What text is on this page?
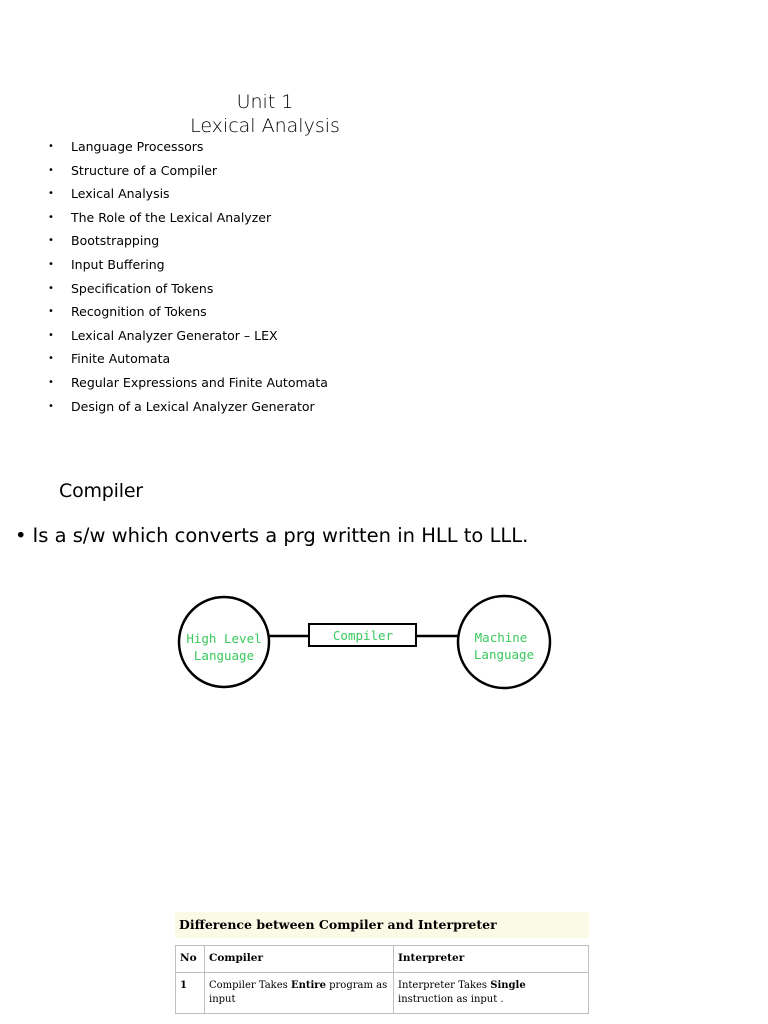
Unit 1
Lexical Analysis
• Language Processors
• Structure of a Compiler
• Lexical Analysis
• The Role of the Lexical Analyzer
• Bootstrapping
• Input Buffering
• Specification of Tokens
• Recognition of Tokens
• Lexical Analyzer Generator – LEX
• Finite Automata
• Regular Expressions and Finite Automata
• Design of a Lexical Analyzer Generator
Compiler
• Is a s/w which converts a prg written in HLL to LLL.
High Level
Language
Compiler	Machine
Language
Difference between Compiler and Interpreter
No	Compiler	Interpreter
1	Compiler Takes Entire program as input	Interpreter Takes Single instruction as input .
